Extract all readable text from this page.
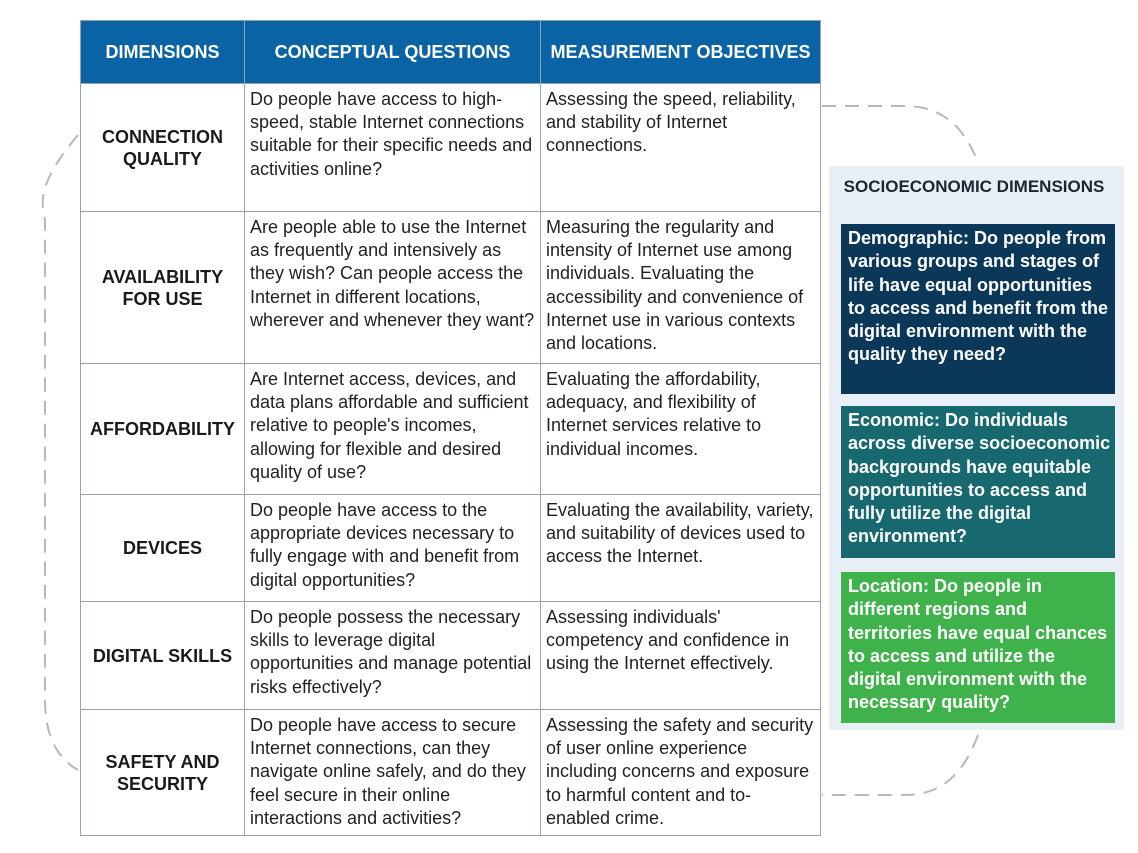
DIMENSIONS	CONCEPTUAL QUESTIONS	MEASUREMENT OBJECTIVES
CONNECTION QUALITY	Do people have access to high-speed, stable Internet connections suitable for their specific needs and activities online?	Assessing the speed, reliability, and stability of Internet connections.
AVAILABILITY FOR USE	Are people able to use the Internet as frequently and intensively as they wish? Can people access the Internet in different locations, wherever and whenever they want?	Measuring the regularity and intensity of Internet use among individuals. Evaluating the accessibility and convenience of Internet use in various contexts and locations.
AFFORDABILITY	Are Internet access, devices, and data plans affordable and sufficient relative to people's incomes, allowing for flexible and desired quality of use?	Evaluating the affordability, adequacy, and flexibility of Internet services relative to individual incomes.
DEVICES	Do people have access to the appropriate devices necessary to fully engage with and benefit from digital opportunities?	Evaluating the availability, variety, and suitability of devices used to access the Internet.
DIGITAL SKILLS	Do people possess the necessary skills to leverage digital opportunities and manage potential risks effectively?	Assessing individuals' competency and confidence in using the Internet effectively.
SAFETY AND SECURITY	Do people have access to secure Internet connections, can they navigate online safely, and do they feel secure in their online interactions and activities?	Assessing the safety and security of user online experience including concerns and exposure to harmful content and to-enabled crime.
SOCIOECONOMIC DIMENSIONS
Demographic: Do people from various groups and stages of life have equal opportunities to access and benefit from the digital environment with the quality they need?
Economic: Do individuals across diverse socioeconomic backgrounds have equitable opportunities to access and fully utilize the digital environment?
Location: Do people in different regions and territories have equal chances to access and utilize the digital environment with the necessary quality?
